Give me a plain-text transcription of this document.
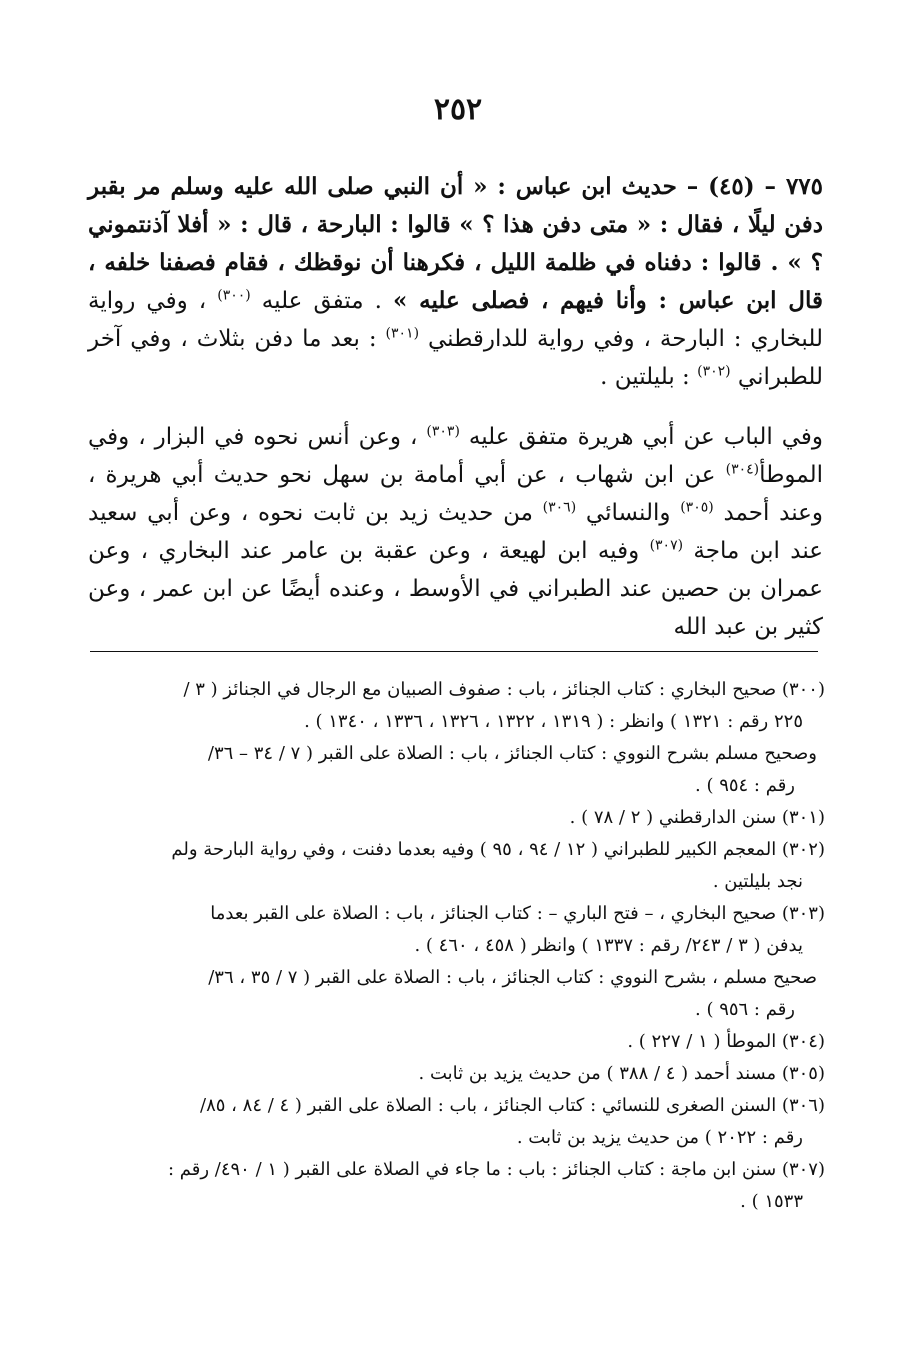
٢٥٢

٧٧٥ – (٤٥) – حديث ابن عباس : « أن النبي صلى الله عليه وسلم مر بقبر دفن ليلًا ، فقال : « متى دفن هذا ؟ » قالوا : البارحة ، قال : « أفلا آذنتموني ؟ » . قالوا : دفناه في ظلمة الليل ، فكرهنا أن نوقظك ، فقام فصفنا خلفه ، قال ابن عباس : وأنا فيهم ، فصلى عليه » . متفق عليه $^{(٣٠٠)}$ ، وفي رواية للبخاري : البارحة ، وفي رواية للدارقطني $^{(٣٠١)}$ : بعد ما دفن بثلاث ، وفي آخر للطبراني $^{(٣٠٢)}$ : بليلتين .

وفي الباب عن أبي هريرة متفق عليه $^{(٣٠٣)}$ ، وعن أنس نحوه في البزار ، وفي الموطأ$^{(٣٠٤)}$ عن ابن شهاب ، عن أبي أمامة بن سهل نحو حديث أبي هريرة ، وعند أحمد $^{(٣٠٥)}$ والنسائي $^{(٣٠٦)}$ من حديث زيد بن ثابت نحوه ، وعن أبي سعيد عند ابن ماجة $^{(٣٠٧)}$ وفيه ابن لهيعة ، وعن عقبة بن عامر عند البخاري ، وعن عمران بن حصين عند الطبراني في الأوسط ، وعنده أيضًا عن ابن عمر ، وعن كثير بن عبد الله

(٣٠٠) صحيح البخاري : كتاب الجنائز ، باب : صفوف الصبيان مع الرجال في الجنائز ( ٣ /
٢٢٥ رقم : ١٣٢١ ) وانظر : ( ١٣١٩ ، ١٣٢٢ ، ١٣٢٦ ، ١٣٣٦ ، ١٣٤٠ ) .

وصحيح مسلم بشرح النووي : كتاب الجنائز ، باب : الصلاة على القبر ( ٧ / ٣٤ – ٣٦/
رقم : ٩٥٤ ) .

(٣٠١) سنن الدارقطني ( ٢ / ٧٨ ) .

(٣٠٢) المعجم الكبير للطبراني ( ١٢ / ٩٤ ، ٩٥ ) وفيه بعدما دفنت ، وفي رواية البارحة ولم
نجد بليلتين .

(٣٠٣) صحيح البخاري ، – فتح الباري – : كتاب الجنائز ، باب : الصلاة على القبر بعدما
يدفن ( ٣ / ٢٤٣/ رقم : ١٣٣٧ ) وانظر ( ٤٥٨ ، ٤٦٠ ) .

صحيح مسلم ، بشرح النووي : كتاب الجنائز ، باب : الصلاة على القبر ( ٧ / ٣٥ ، ٣٦/
رقم : ٩٥٦ ) .

(٣٠٤) الموطأ ( ١ / ٢٢٧ ) .

(٣٠٥) مسند أحمد ( ٤ / ٣٨٨ ) من حديث يزيد بن ثابت .

(٣٠٦) السنن الصغرى للنسائي : كتاب الجنائز ، باب : الصلاة على القبر ( ٤ / ٨٤ ، ٨٥/
رقم : ٢٠٢٢ ) من حديث يزيد بن ثابت .

(٣٠٧) سنن ابن ماجة : كتاب الجنائز : باب : ما جاء في الصلاة على القبر ( ١ / ٤٩٠/ رقم :
١٥٣٣ ) .
